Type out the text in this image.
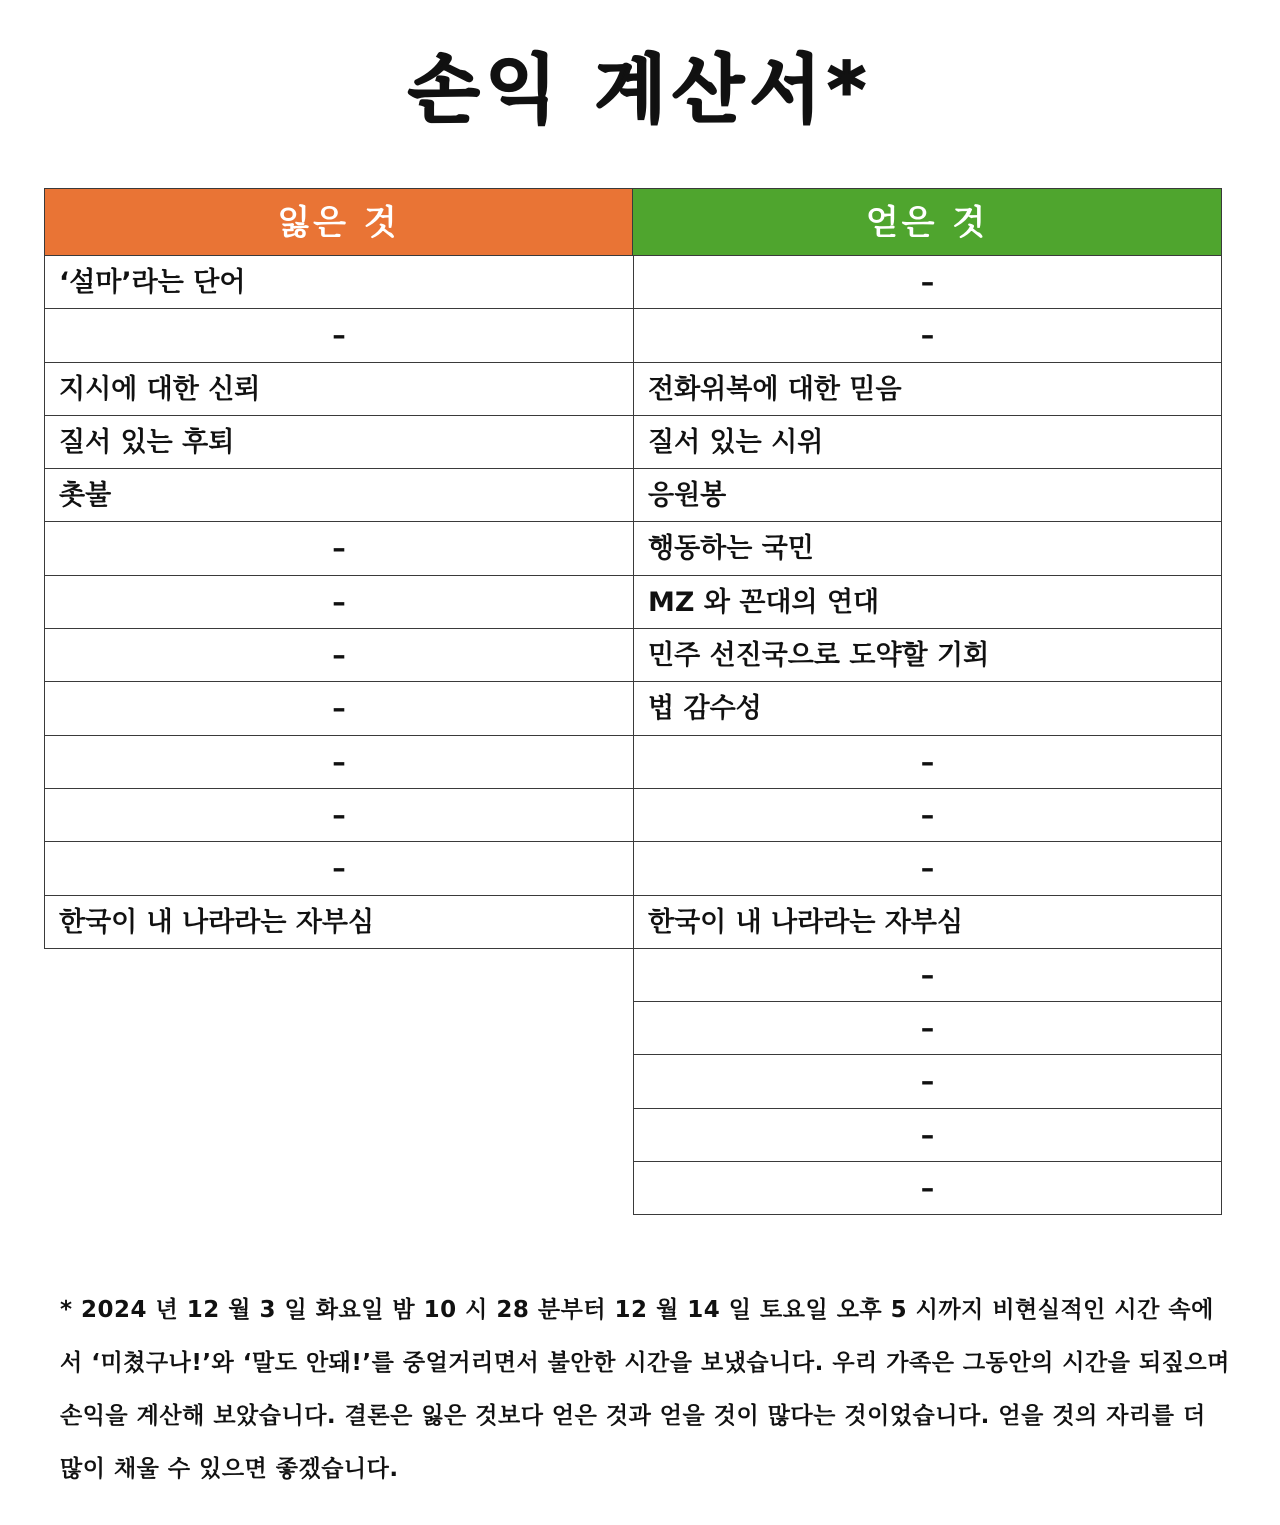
손익 계산서*
잃은 것
‘설마’라는 단어
–
지시에 대한 신뢰
질서 있는 후퇴
촛불
–
–
–
–
–
–
–
한국이 내 나라라는 자부심
얻은 것
–
–
전화위복에 대한 믿음
질서 있는 시위
응원봉
행동하는 국민
MZ 와 꼰대의 연대
민주 선진국으로 도약할 기회
법 감수성
–
–
–
한국이 내 나라라는 자부심
–
–
–
–
–
* 2024 년 12 월 3 일 화요일 밤 10 시 28 분부터 12 월 14 일 토요일 오후 5 시까지 비현실적인 시간 속에서 ‘미쳤구나!’와 ‘말도 안돼!’를 중얼거리면서 불안한 시간을 보냈습니다. 우리 가족은 그동안의 시간을 되짚으며 손익을 계산해 보았습니다. 결론은 잃은 것보다 얻은 것과 얻을 것이 많다는 것이었습니다. 얻을 것의 자리를 더 많이 채울 수 있으면 좋겠습니다.
